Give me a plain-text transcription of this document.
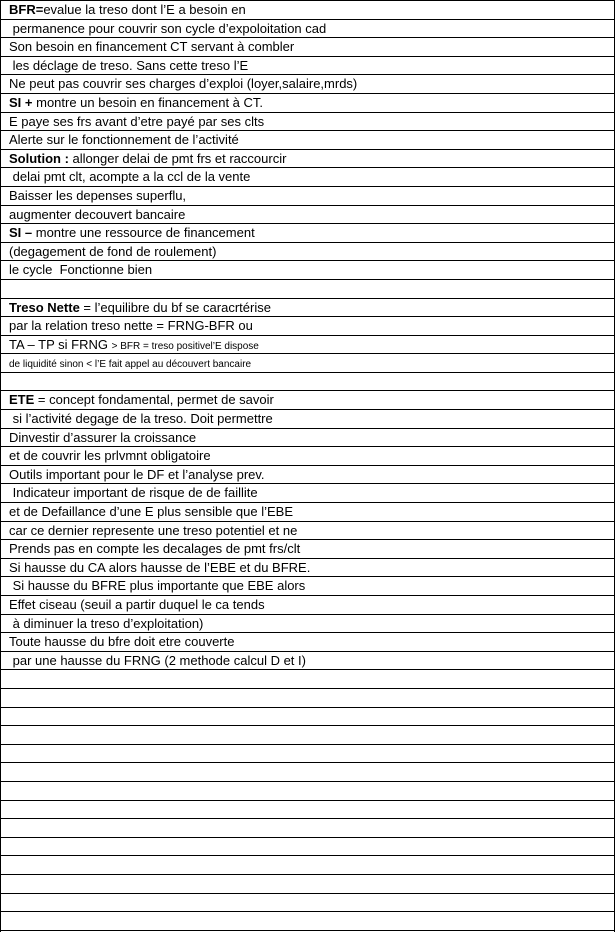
BFR=evalue la treso dont l’E a besoin en
permanence pour couvrir son cycle d’expoloitation cad
Son besoin en financement CT servant à combler
les déclage de treso. Sans cette treso l’E
Ne peut pas couvrir ses charges d’exploi (loyer,salaire,mrds)
SI + montre un besoin en financement à CT.
E paye ses frs avant d’etre payé par ses clts
Alerte sur le fonctionnement de l’activité
Solution : allonger delai de pmt frs et raccourcir
delai pmt clt, acompte a la ccl de la vente
Baisser les depenses superflu,
augmenter decouvert bancaire
SI – montre une ressource de financement
(degagement de fond de roulement)
le cycle  Fonctionne bien
Treso Nette = l’equilibre du bf se caracrtérise
par la relation treso nette = FRNG-BFR ou
TA – TP si FRNG > BFR = treso positivel’E dispose
de liquidité sinon < l’E fait appel au découvert bancaire
ETE = concept fondamental, permet de savoir
si l’activité degage de la treso. Doit permettre
Dinvestir d’assurer la croissance
et de couvrir les prlvmnt obligatoire
Outils important pour le DF et l’analyse prev.
Indicateur important de risque de de faillite
et de Defaillance d’une E plus sensible que l’EBE
car ce dernier represente une treso potentiel et ne
Prends pas en compte les decalages de pmt frs/clt
Si hausse du CA alors hausse de l’EBE et du BFRE.
Si hausse du BFRE plus importante que EBE alors
Effet ciseau (seuil a partir duquel le ca tends
à diminuer la treso d’exploitation)
Toute hausse du bfre doit etre couverte
par une hausse du FRNG (2 methode calcul D et I)
